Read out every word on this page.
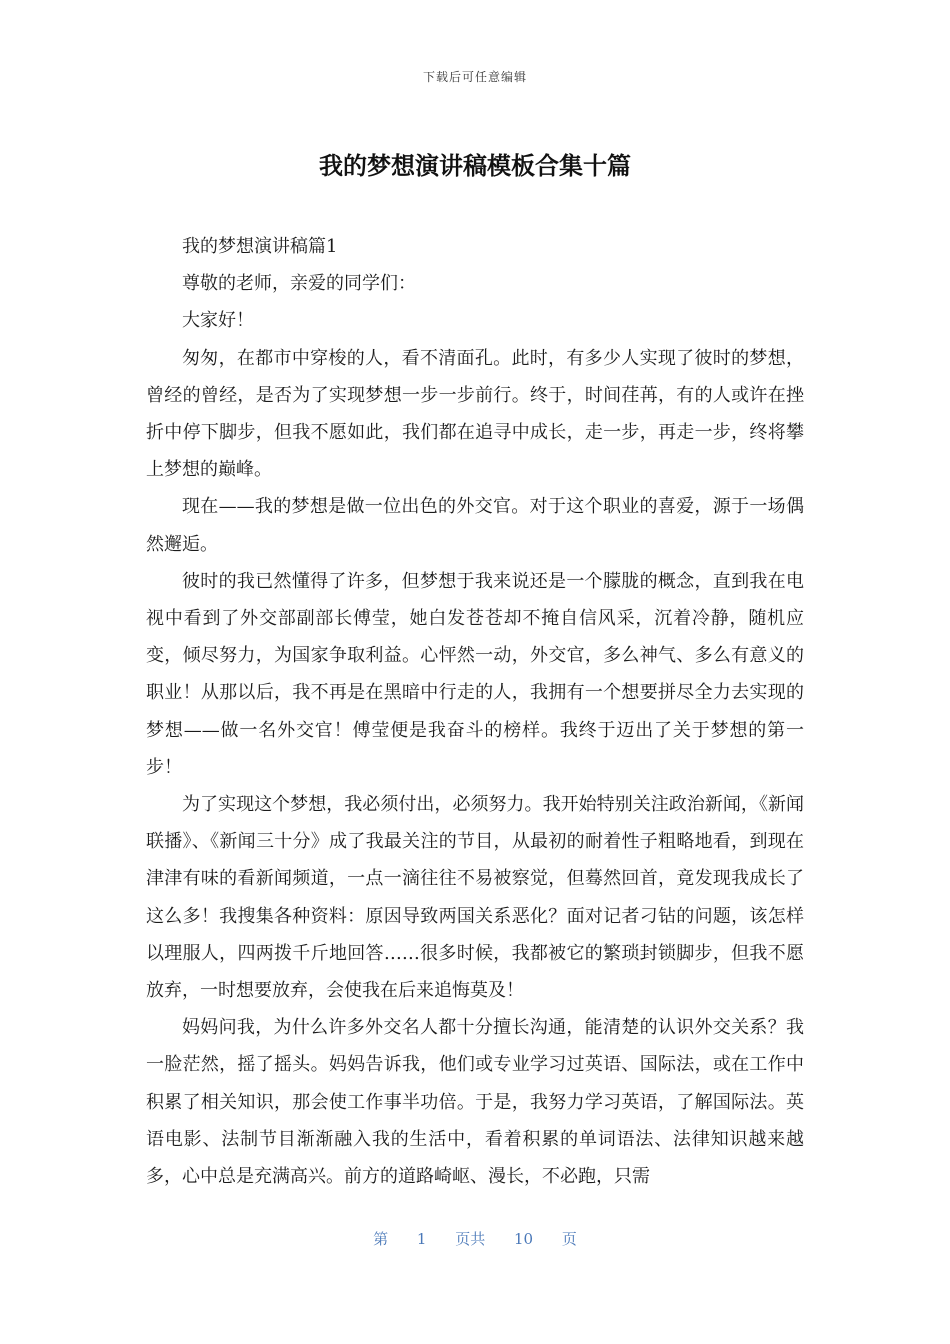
下载后可任意编辑
我的梦想演讲稿模板合集十篇

我的梦想演讲稿篇1

尊敬的老师，亲爱的同学们：

大家好！

匆匆，在都市中穿梭的人，看不清面孔。此时，有多少人实现了彼时的梦想，曾经的曾经，是否为了实现梦想一步一步前行。终于，时间荏苒，有的人或许在挫折中停下脚步，但我不愿如此，我们都在追寻中成长，走一步，再走一步，终将攀上梦想的巅峰。

现在——我的梦想是做一位出色的外交官。对于这个职业的喜爱，源于一场偶然邂逅。

彼时的我已然懂得了许多，但梦想于我来说还是一个朦胧的概念，直到我在电视中看到了外交部副部长傅莹，她白发苍苍却不掩自信风采，沉着冷静，随机应变，倾尽努力，为国家争取利益。心怦然一动，外交官，多么神气、多么有意义的职业！从那以后，我不再是在黑暗中行走的人，我拥有一个想要拼尽全力去实现的梦想——做一名外交官！傅莹便是我奋斗的榜样。我终于迈出了关于梦想的第一步！

为了实现这个梦想，我必须付出，必须努力。我开始特别关注政治新闻，《新闻联播》、《新闻三十分》成了我最关注的节目，从最初的耐着性子粗略地看，到现在津津有味的看新闻频道，一点一滴往往不易被察觉，但蓦然回首，竟发现我成长了这么多！我搜集各种资料：原因导致两国关系恶化？面对记者刁钻的问题，该怎样以理服人，四两拨千斤地回答……很多时候，我都被它的繁琐封锁脚步，但我不愿放弃，一时想要放弃，会使我在后来追悔莫及！

妈妈问我，为什么许多外交名人都十分擅长沟通，能清楚的认识外交关系？我一脸茫然，摇了摇头。妈妈告诉我，他们或专业学习过英语、国际法，或在工作中积累了相关知识，那会使工作事半功倍。于是，我努力学习英语，了解国际法。英语电影、法制节目渐渐融入我的生活中，看着积累的单词语法、法律知识越来越多，心中总是充满高兴。前方的道路崎岖、漫长，不必跑，只需

第 1 页共 10 页
